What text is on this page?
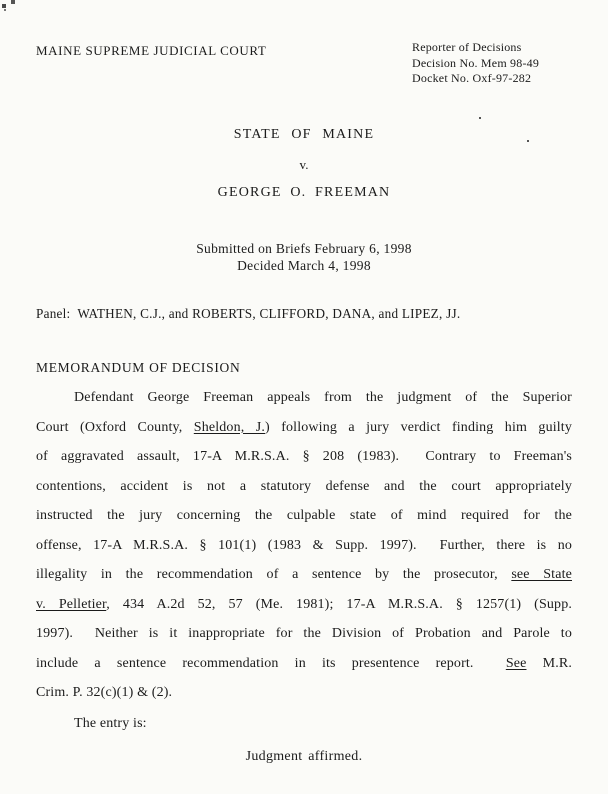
MAINE SUPREME JUDICIAL COURT	Reporter of Decisions
Decision No. Mem 98-49
Docket No. Oxf-97-282
STATE OF MAINE
v.
GEORGE O. FREEMAN
Submitted on Briefs February 6, 1998
Decided March 4, 1998
Panel:  WATHEN, C.J., and ROBERTS, CLIFFORD, DANA, and LIPEZ, JJ.
MEMORANDUM OF DECISION
Defendant George Freeman appeals from the judgment of the Superior
Court (Oxford County, Sheldon, J.) following a jury verdict finding him guilty
of aggravated assault, 17-A M.R.S.A. § 208 (1983).  Contrary to Freeman's
contentions, accident is not a statutory defense and the court appropriately
instructed the jury concerning the culpable state of mind required for the
offense, 17-A M.R.S.A. § 101(1) (1983 & Supp. 1997).  Further, there is no
illegality in the recommendation of a sentence by the prosecutor, see State
v. Pelletier, 434 A.2d 52, 57 (Me. 1981); 17-A M.R.S.A. § 1257(1) (Supp.
1997).  Neither is it inappropriate for the Division of Probation and Parole to
include a sentence recommendation in its presentence report.  See M.R.
Crim. P. 32(c)(1) & (2).
The entry is:
Judgment affirmed.
